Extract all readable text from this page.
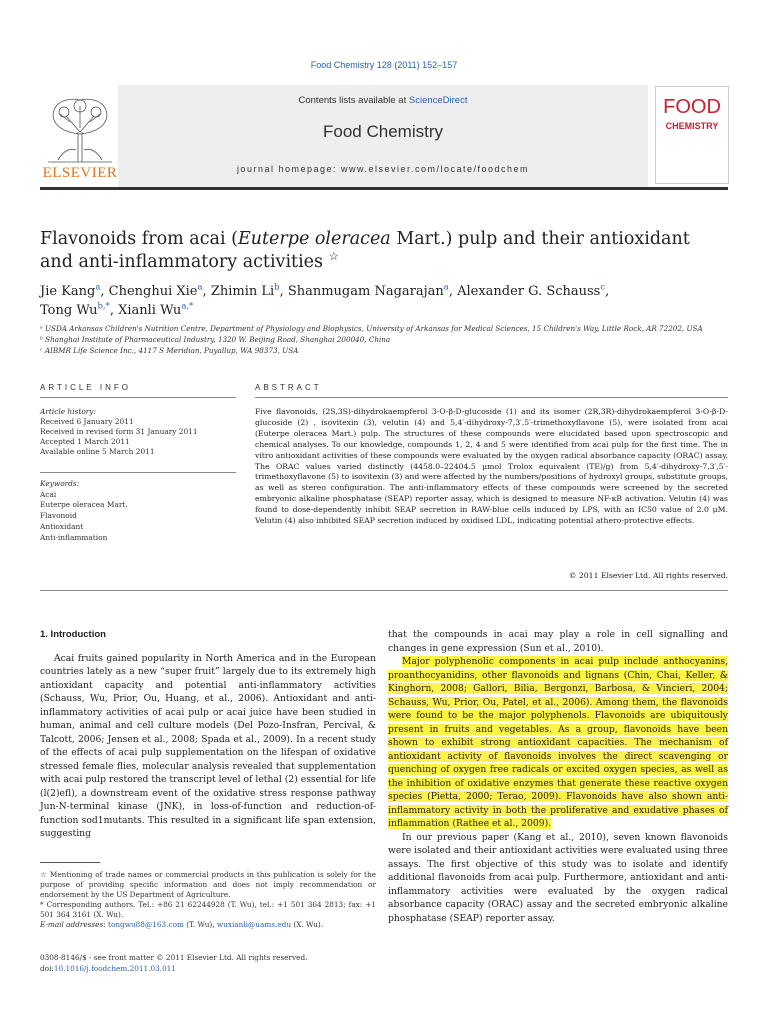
Food Chemistry 128 (2011) 152–157
Contents lists available at ScienceDirect
Food Chemistry
journal homepage: www.elsevier.com/locate/foodchem
ELSEVIER
FOOD
CHEMISTRY
Flavonoids from acai (Euterpe oleracea Mart.) pulp and their antioxidant and anti-inflammatory activities ☆
Jie Kang$^a$, Chenghui Xie$^a$, Zhimin Li$^b$, Shanmugam Nagarajan$^a$, Alexander G. Schauss$^c$,
Tong $Wu^{b,*}$, Xianli $Wu^{a,*}$
ᵃ USDA Arkansas Children's Nutrition Centre, Department of Physiology and Biophysics, University of Arkansas for Medical Sciences, 15 Children's Way, Little Rock, AR 72202, USA
ᵇ Shanghai Institute of Pharmaceutical Industry, 1320 W. Beijing Road, Shanghai 200040, China
ᶜ AIBMR Life Science Inc., 4117 S Meridian, Puyallup, WA 98373, USA
ARTICLE INFO	ABSTRACT
Article history:
Received 6 January 2011
Received in revised form 31 January 2011
Accepted 1 March 2011
Available online 5 March 2011
Keywords:
Acai
Euterpe oleracea Mart.
Flavonoid
Antioxidant
Anti-inflammation
Five flavonoids, (2S,3S)-dihydrokaempferol 3-O-β-D-glucoside (1) and its isomer (2R,3R)-dihydrokaempferol 3-O-β-D-glucoside (2) , isovitexin (3), velutin (4) and 5,4′-dihydroxy-7,3′,5′-trimethoxyflavone (5), were isolated from acai (Euterpe oleracea Mart.) pulp. The structures of these compounds were elucidated based upon spectroscopic and chemical analyses. To our knowledge, compounds 1, 2, 4 and 5 were identified from acai pulp for the first time. The in vitro antioxidant activities of these compounds were evaluated by the oxygen radical absorbance capacity (ORAC) assay. The ORAC values varied distinctly (4458.0–22404.5 μmol Trolox equivalent (TE)/g) from 5,4′-dihydroxy-7,3′,5′-trimethoxyflavone (5) to isovitexin (3) and were affected by the numbers/positions of hydroxyl groups, substitute groups, as well as stereo configuration. The anti-inflammatory effects of these compounds were screened by the secreted embryonic alkaline phosphatase (SEAP) reporter assay, which is designed to measure NF-κB activation. Velutin (4) was found to dose-dependently inhibit SEAP secretion in RAW-blue cells induced by LPS, with an IC50 value of 2.0 μM. Velutin (4) also inhibited SEAP secretion induced by oxidised LDL, indicating potential athero-protective effects.
© 2011 Elsevier Ltd. All rights reserved.
1. Introduction

Acai fruits gained popularity in North America and in the European countries lately as a new “super fruit” largely due to its extremely high antioxidant capacity and potential anti-inflammatory activities (Schauss, Wu, Prior, Ou, Huang, et al., 2006). Antioxidant and anti-inflammatory activities of acai pulp or acai juice have been studied in human, animal and cell culture models (Del Pozo-Insfran, Percival, & Talcott, 2006; Jensen et al., 2008; Spada et al., 2009). In a recent study of the effects of acai pulp supplementation on the lifespan of oxidative stressed female flies, molecular analysis revealed that supplementation with acai pulp restored the transcript level of lethal (2) essential for life (l(2)efl), a downstream event of the oxidative stress response pathway Jun-N-terminal kinase (JNK), in loss-of-function and reduction-of-function sod1mutants. This resulted in a significant life span extension, suggesting

that the compounds in acai may play a role in cell signalling and changes in gene expression (Sun et al., 2010).

Major polyphenolic components in acai pulp include anthocyanins, proanthocyanidins, other flavonoids and lignans (Chin, Chai, Keller, & Kinghorn, 2008; Gallori, Bilia, Bergonzi, Barbosa, & Vincieri, 2004; Schauss, Wu, Prior, Ou, Patel, et al., 2006). Among them, the flavonoids were found to be the major polyphenols. Flavonoids are ubiquitously present in fruits and vegetables. As a group, flavonoids have been shown to exhibit strong antioxidant capacities. The mechanism of antioxidant activity of flavonoids involves the direct scavenging or quenching of oxygen free radicals or excited oxygen species, as well as the inhibition of oxidative enzymes that generate these reactive oxygen species (Pietta, 2000; Terao, 2009). Flavonoids have also shown anti-inflammatory activity in both the proliferative and exudative phases of inflammation (Rathee et al., 2009).

In our previous paper (Kang et al., 2010), seven known flavonoids were isolated and their antioxidant activities were evaluated using three assays. The first objective of this study was to isolate and identify additional flavonoids from acai pulp. Furthermore, antioxidant and anti-inflammatory activities were evaluated by the oxygen radical absorbance capacity (ORAC) assay and the secreted embryonic alkaline phosphatase (SEAP) reporter assay.

☆ Mentioning of trade names or commercial products in this publication is solely for the purpose of providing specific information and does not imply recommendation or endorsement by the US Department of Agriculture.

* Corresponding authors. Tel.: +86 21 62244928 (T. Wu), tel.: +1 501 364 2813; fax: +1 501 364 3161 (X. Wu).

E-mail addresses: tongwu88@163.com (T. Wu), wuxianli@uams.edu (X. Wu).

0308-8146/$ - see front matter © 2011 Elsevier Ltd. All rights reserved.
doi:10.1016/j.foodchem.2011.03.011
